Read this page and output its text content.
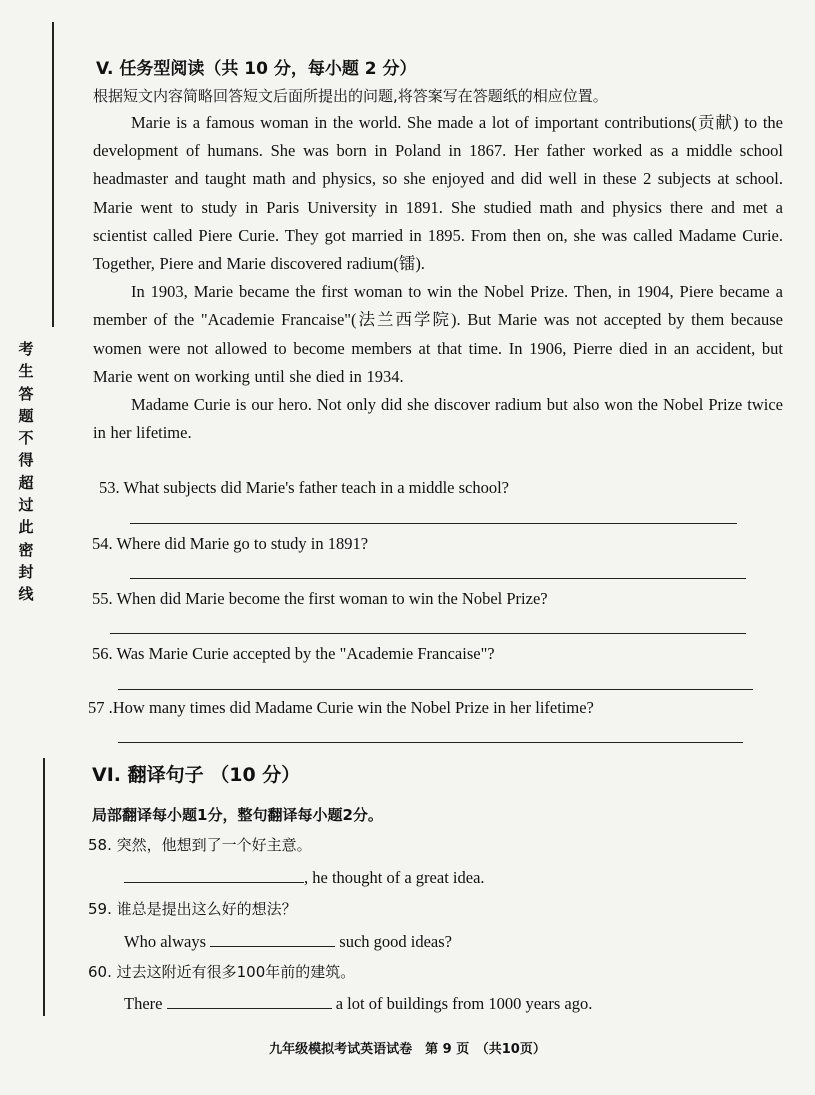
考生答题不得超过此密封线

V. 任务型阅读（共 10 分，每小题 2 分）

根据短文内容简略回答短文后面所提出的问题,将答案写在答题纸的相应位置。

Marie is a famous woman in the world. She made a lot of important contributions(贡献) to the development of humans. She was born in Poland in 1867. Her father worked as a middle school headmaster and taught math and physics, so she enjoyed and did well in these 2 subjects at school. Marie went to study in Paris University in 1891. She studied math and physics there and met a scientist called Piere Curie. They got married in 1895. From then on, she was called Madame Curie. Together, Piere and Marie discovered radium(镭).

In 1903, Marie became the first woman to win the Nobel Prize. Then, in 1904, Piere became a member of the "Academie Francaise"(法兰西学院). But Marie was not accepted by them because women were not allowed to become members at that time. In 1906, Pierre died in an accident, but Marie went on working until she died in 1934.

Madame Curie is our hero. Not only did she discover radium but also won the Nobel Prize twice in her lifetime.

53. What subjects did Marie's father teach in a middle school?
54. Where did Marie go to study in 1891?
55. When did Marie become the first woman to win the Nobel Prize?
56. Was Marie Curie accepted by the "Academie Francaise"?
57 .How many times did Madame Curie win the Nobel Prize in her lifetime?
VI. 翻译句子 （10 分）
局部翻译每小题1分，整句翻译每小题2分。
58. 突然，他想到了一个好主意。
, he thought of a great idea.
59. 谁总是提出这么好的想法？
Who always	such good ideas?
60. 过去这附近有很多100年前的建筑。
There	a lot of buildings from 1000 years ago.
九年级模拟考试英语试卷　第 9 页　（共10页）
